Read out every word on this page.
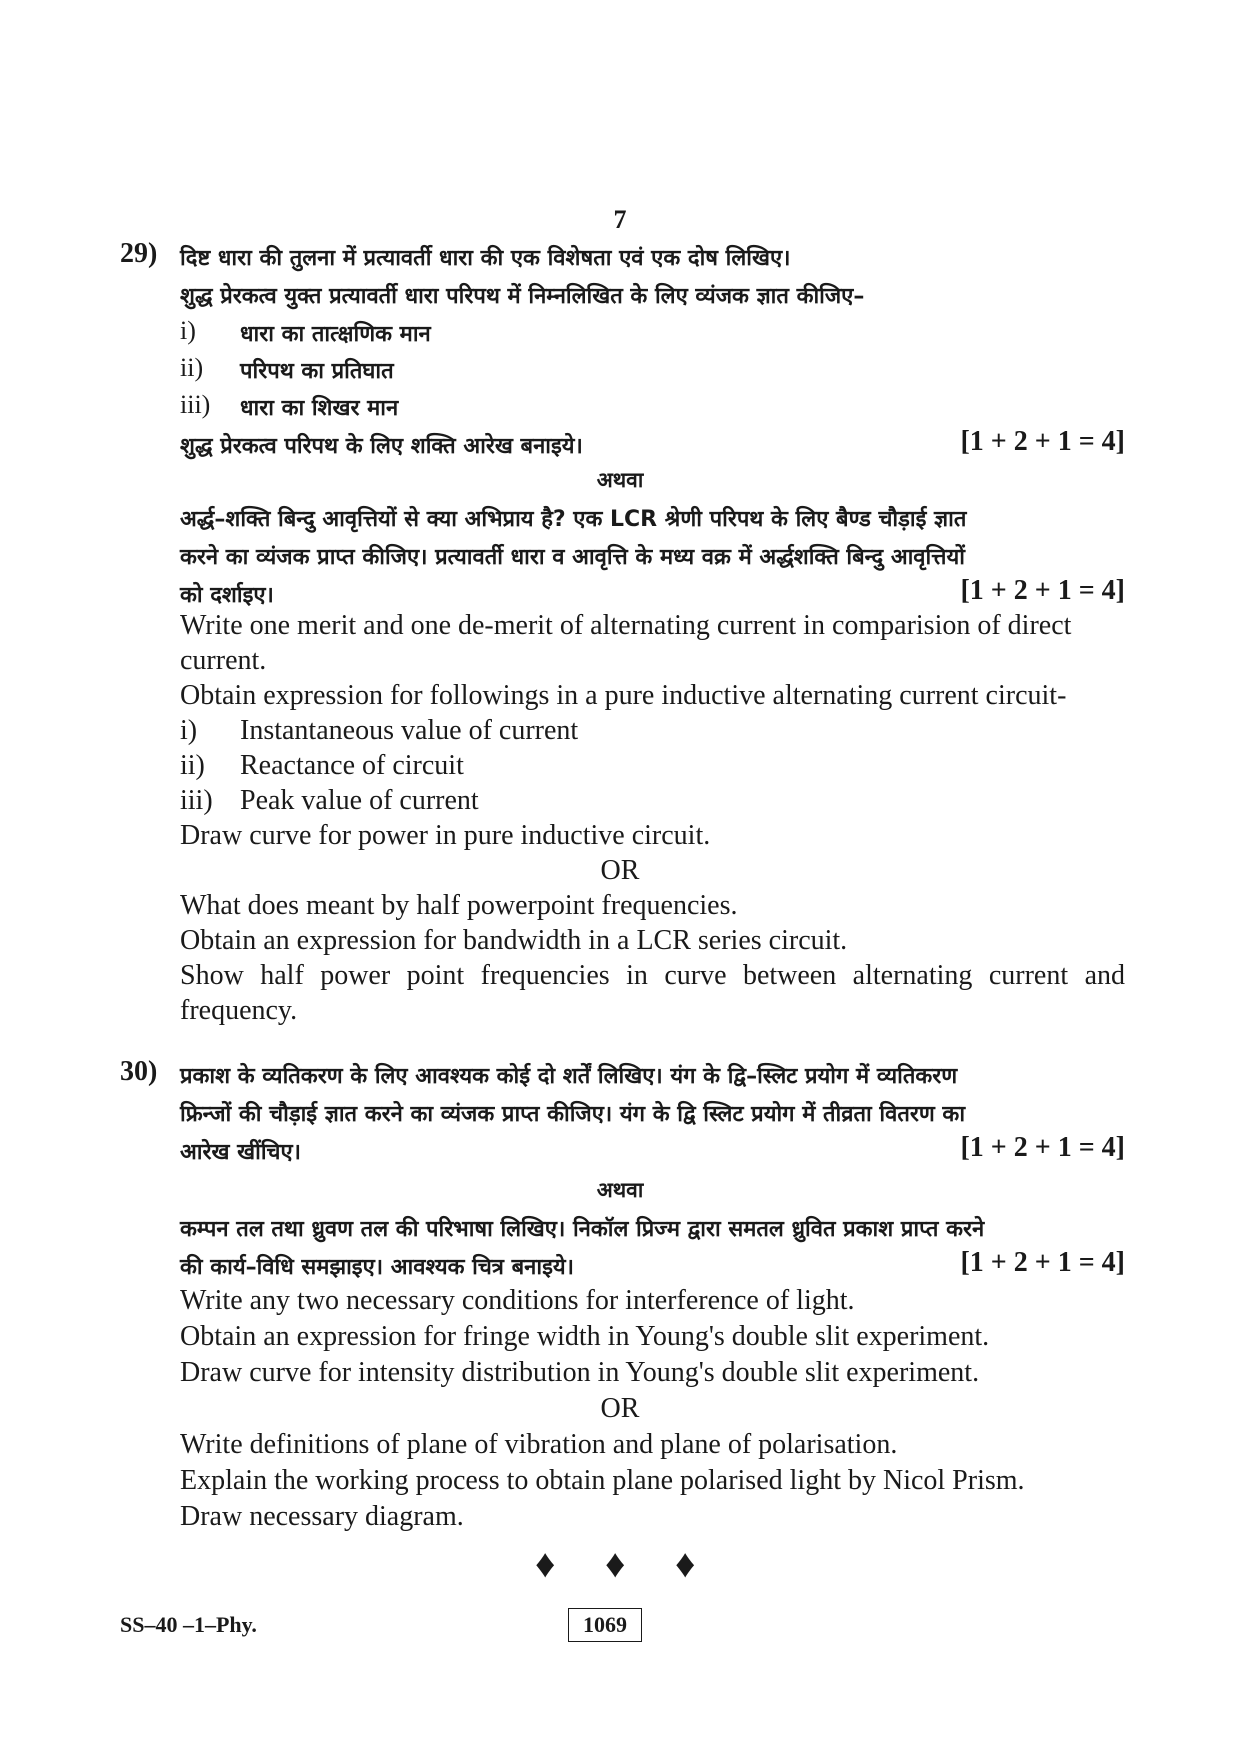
7
29) दिष्ट धारा की तुलना में प्रत्यावर्ती धारा की एक विशेषता एवं एक दोष लिखिए।
शुद्ध प्रेरकत्व युक्त प्रत्यावर्ती धारा परिपथ में निम्नलिखित के लिए व्यंजक ज्ञात कीजिए–
i) धारा का तात्क्षणिक मान
ii) परिपथ का प्रतिघात
iii) धारा का शिखर मान
शुद्ध प्रेरकत्व परिपथ के लिए शक्ति आरेख बनाइये।	[1 + 2 + 1 = 4]
अथवा
अर्द्ध–शक्ति बिन्दु आवृत्तियों से क्या अभिप्राय है? एक LCR श्रेणी परिपथ के लिए बैण्ड चौड़ाई ज्ञात
करने का व्यंजक प्राप्त कीजिए। प्रत्यावर्ती धारा व आवृत्ति के मध्य वक्र में अर्द्धशक्ति बिन्दु आवृत्तियों
को दर्शाइए।	[1 + 2 + 1 = 4]
Write one merit and one de-merit of alternating current in comparision of direct
current.
Obtain expression for followings in a pure inductive alternating current circuit-
i) Instantaneous value of current
ii) Reactance of circuit
iii) Peak value of current
Draw curve for power in pure inductive circuit.
OR
What does meant by half powerpoint frequencies.
Obtain an expression for bandwidth in a LCR series circuit.
Show half power point frequencies in curve between alternating current and
frequency.
30) प्रकाश के व्यतिकरण के लिए आवश्यक कोई दो शर्तें लिखिए। यंग के द्वि–स्लिट प्रयोग में व्यतिकरण
फ्रिन्जों की चौड़ाई ज्ञात करने का व्यंजक प्राप्त कीजिए। यंग के द्वि स्लिट प्रयोग में तीव्रता वितरण का
आरेख खींचिए।	[1 + 2 + 1 = 4]
अथवा
कम्पन तल तथा ध्रुवण तल की परिभाषा लिखिए। निकॉल प्रिज्म द्वारा समतल ध्रुवित प्रकाश प्राप्त करने
की कार्य–विधि समझाइए। आवश्यक चित्र बनाइये।	[1 + 2 + 1 = 4]
Write any two necessary conditions for interference of light.
Obtain an expression for fringe width in Young's double slit experiment.
Draw curve for intensity distribution in Young's double slit experiment.
OR
Write definitions of plane of vibration and plane of polarisation.
Explain the working process to obtain plane polarised light by Nicol Prism.
Draw necessary diagram.
♦ ♦ ♦
SS–40 –1–Phy.	1069
